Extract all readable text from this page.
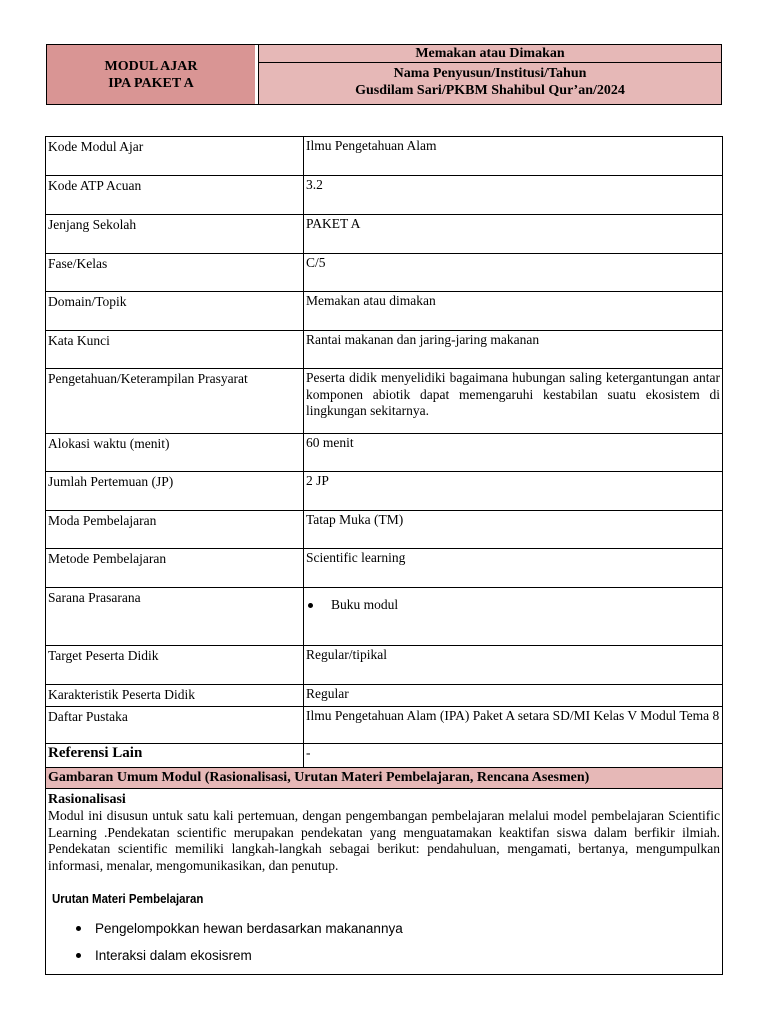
MODUL AJAR
IPA PAKET A
Memakan atau Dimakan
Nama Penyusun/Institusi/Tahun
Gusdilam Sari/PKBM Shahibul Qur’an/2024
Kode Modul Ajar	Ilmu Pengetahuan Alam
Kode ATP Acuan	3.2
Jenjang Sekolah	PAKET A
Fase/Kelas	C/5
Domain/Topik	Memakan atau dimakan
Kata Kunci	Rantai makanan dan jaring-jaring makanan
Pengetahuan/Keterampilan Prasyarat	Peserta didik menyelidiki bagaimana hubungan saling ketergantungan antar komponen abiotik dapat memengaruhi kestabilan suatu ekosistem di lingkungan sekitarnya.
Alokasi waktu (menit)	60 menit
Jumlah Pertemuan (JP)	2 JP
Moda Pembelajaran	Tatap Muka (TM)
Metode Pembelajaran	Scientific learning
Sarana Prasarana	Buku modul
Target Peserta Didik	Regular/tipikal
Karakteristik Peserta Didik	Regular
Daftar Pustaka	Ilmu Pengetahuan Alam (IPA) Paket A setara SD/MI Kelas V Modul Tema 8
Referensi Lain	-
Gambaran Umum Modul (Rasionalisasi, Urutan Materi Pembelajaran, Rencana Asesmen)
Rasionalisasi
Modul ini disusun untuk satu kali pertemuan, dengan pengembangan pembelajaran melalui model pembelajaran Scientific Learning .Pendekatan scientific merupakan pendekatan yang menguatamakan keaktifan siswa dalam berfikir ilmiah. Pendekatan scientific memiliki langkah-langkah sebagai berikut: pendahuluan, mengamati, bertanya, mengumpulkan informasi, menalar, mengomunikasikan, dan penutup.
Urutan Materi Pembelajaran
Pengelompokkan hewan berdasarkan makanannya
Interaksi dalam ekosisrem
